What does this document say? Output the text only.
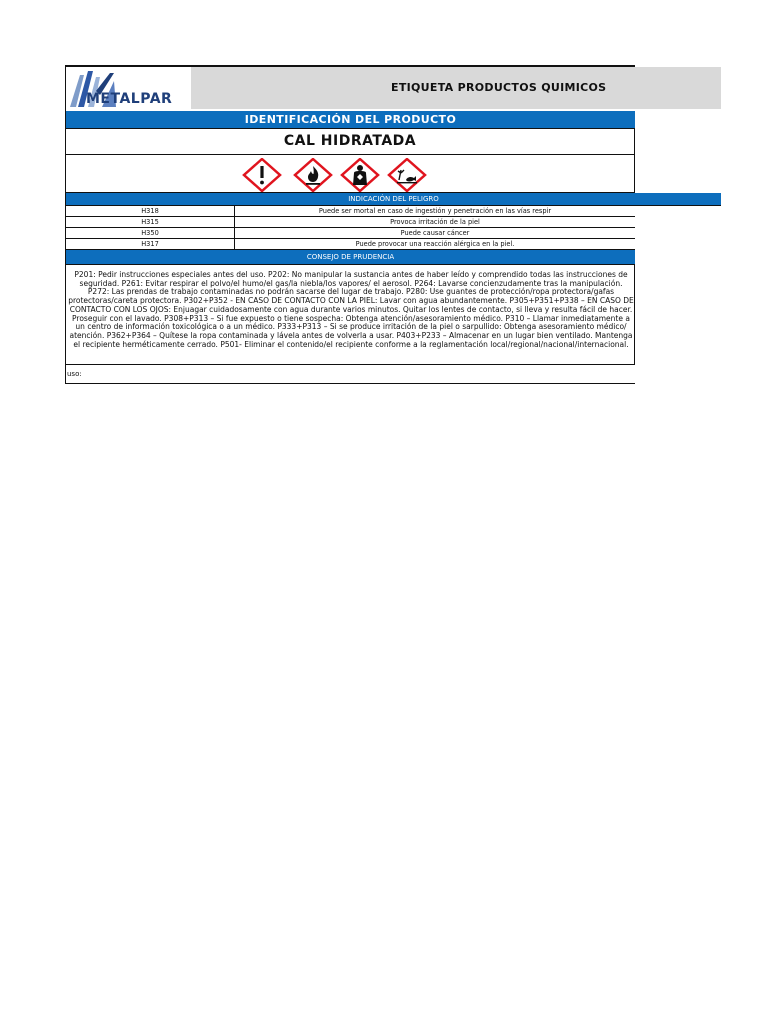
METALPAR
ETIQUETA PRODUCTOS QUIMICOS
IDENTIFICACIÓN DEL PRODUCTO
CAL HIDRATADA
INDICACIÓN DEL PELIGRO
H318	Puede ser mortal en caso de ingestión y penetración en las vías respir
H315	Provoca irritación de la piel
H350	Puede causar cáncer
H317	Puede provocar una reacción alérgica en la piel.
CONSEJO DE PRUDENCIA
P201: Pedir instrucciones especiales antes del uso. P202: No manipular la sustancia antes de haber leído y comprendido todas las instrucciones de seguridad. P261: Evitar respirar el polvo/el humo/el gas/la niebla/los vapores/ el aerosol. P264: Lavarse concienzudamente tras la manipulación. P272: Las prendas de trabajo contaminadas no podrán sacarse del lugar de trabajo. P280: Use guantes de protección/ropa protectora/gafas protectoras/careta protectora. P302+P352 - EN CASO DE CONTACTO CON LA PIEL: Lavar con agua abundantemente. P305+P351+P338 – EN CASO DE CONTACTO CON LOS OJOS: Enjuagar cuidadosamente con agua durante varios minutos. Quitar los lentes de contacto, si lleva y resulta fácil de hacer. Proseguir con el lavado. P308+P313 – Si fue expuesto o tiene sospecha: Obtenga atención/asesoramiento médico. P310 – Llamar inmediatamente a un centro de información toxicológica o a un médico. P333+P313 – Si se produce irritación de la piel o sarpullido: Obtenga asesoramiento médico/ atención. P362+P364 – Quítese la ropa contaminada y lávela antes de volverla a usar. P403+P233 – Almacenar en un lugar bien ventilado. Mantenga el recipiente herméticamente cerrado. P501- Eliminar el contenido/el recipiente conforme a la reglamentación local/regional/nacional/internacional.
uso:
